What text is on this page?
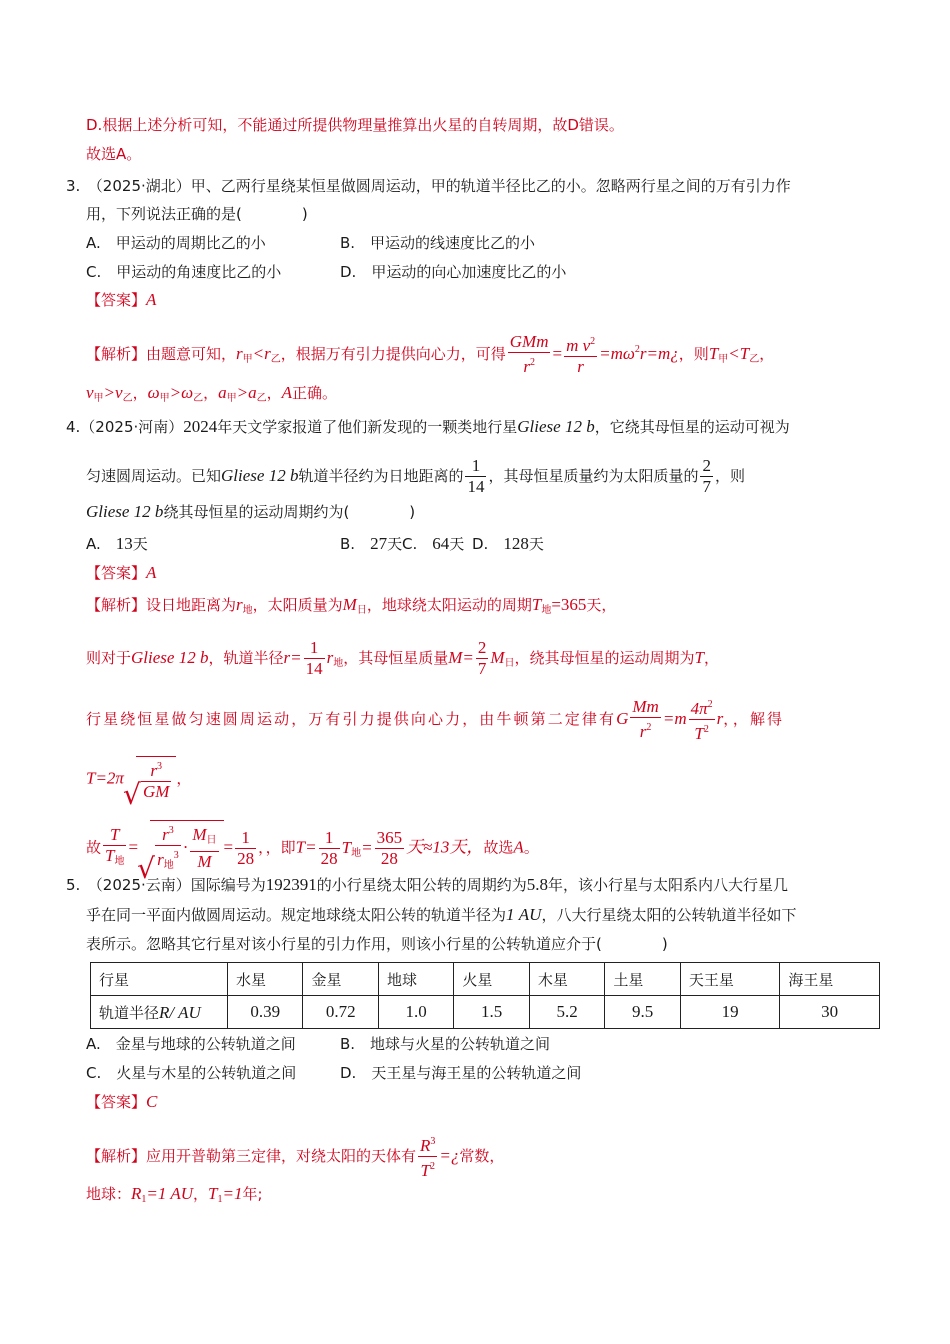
D.根据上述分析可知，不能通过所提供物理量推算出火星的自转周期，故D错误。
故选A。
3.　（2025·湖北）甲、乙两行星绕某恒星做圆周运动，甲的轨道半径比乙的小。忽略两行星之间的万有引力作
用，下列说法正确的是(　　　　)
A.　甲运动的周期比乙的小	B.　甲运动的线速度比乙的小
C.　甲运动的角速度比乙的小	D.　甲运动的向心加速度比乙的小
【答案】A
【解析】由题意可知，$r_甲<r_乙$，根据万有引力提供向心力，可得 $\frac{\text{GMm}}{r^2} = \frac{m v^2}{r}$ $=m\omega^2r=m¿$，则$T_甲<T_乙$，
$v_甲>v_乙$，$\omega_甲>\omega_乙$，$a_甲>a_乙$，A正确。
4.（2025·河南）2024年天文学家报道了他们新发现的一颗类地行星Gliese 12 b，它绕其母恒星的运动可视为
匀速圆周运动。已知Gliese 12 b轨道半径约为日地距离的 $\frac{1}{14}$ ，其母恒星质量约为太阳质量的 $\frac{2}{7}$ ，则
Gliese 12 b绕其母恒星的运动周期约为(　　　　)
A.　13天	B.　27天 C.　64天 D.　128天
【答案】A
【解析】设日地距离为$r_地$，太阳质量为$M_日$，地球绕太阳运动的周期$T_地=365$天，
则对于Gliese 12 b，轨道半径$r= \frac{1}{14} r_地$，其母恒星质量$M= \frac{2}{7} M_日$，绕其母恒星的运动周期为T，
行星绕恒星做匀速圆周运动，万有引力提供向心力，由牛顿第二定律有G $\frac{Mm}{r^2} =m \frac{4\pi^2}{T^2}$ r，，解得
T=2π √ $\frac{r^3}{GM}$ ，
故 $\frac{T}{T_地}$ = √ $\frac{r^3}{r_地^3} \cdot \frac{M_日}{M} = \frac{1}{28}$ ，，即$T= \frac{1}{28} T_地= \frac{365}{28}$ 天≈13天，故选A。
5.　（2025·云南）国际编号为192391的小行星绕太阳公转的周期约为5.8年，该小行星与太阳系内八大行星几
乎在同一平面内做圆周运动。规定地球绕太阳公转的轨道半径为1 AU，八大行星绕太阳的公转轨道半径如下
表所示。忽略其它行星对该小行星的引力作用，则该小行星的公转轨道应介于(　　　　)
行星	水星	金星	地球	火星	木星	土星	天王星	海王星
轨道半径R/ AU	0.39	0.72	1.0	1.5	5.2	9.5	19	30
A.　金星与地球的公转轨道之间	B.　地球与火星的公转轨道之间
C.　火星与木星的公转轨道之间	D.　天王星与海王星的公转轨道之间
【答案】C
【解析】应用开普勒第三定律，对绕太阳的天体有 $\frac{R^3}{T^2}$ =¿常数，
地球：$R_1=1$ AU，$T_1=1$年;
